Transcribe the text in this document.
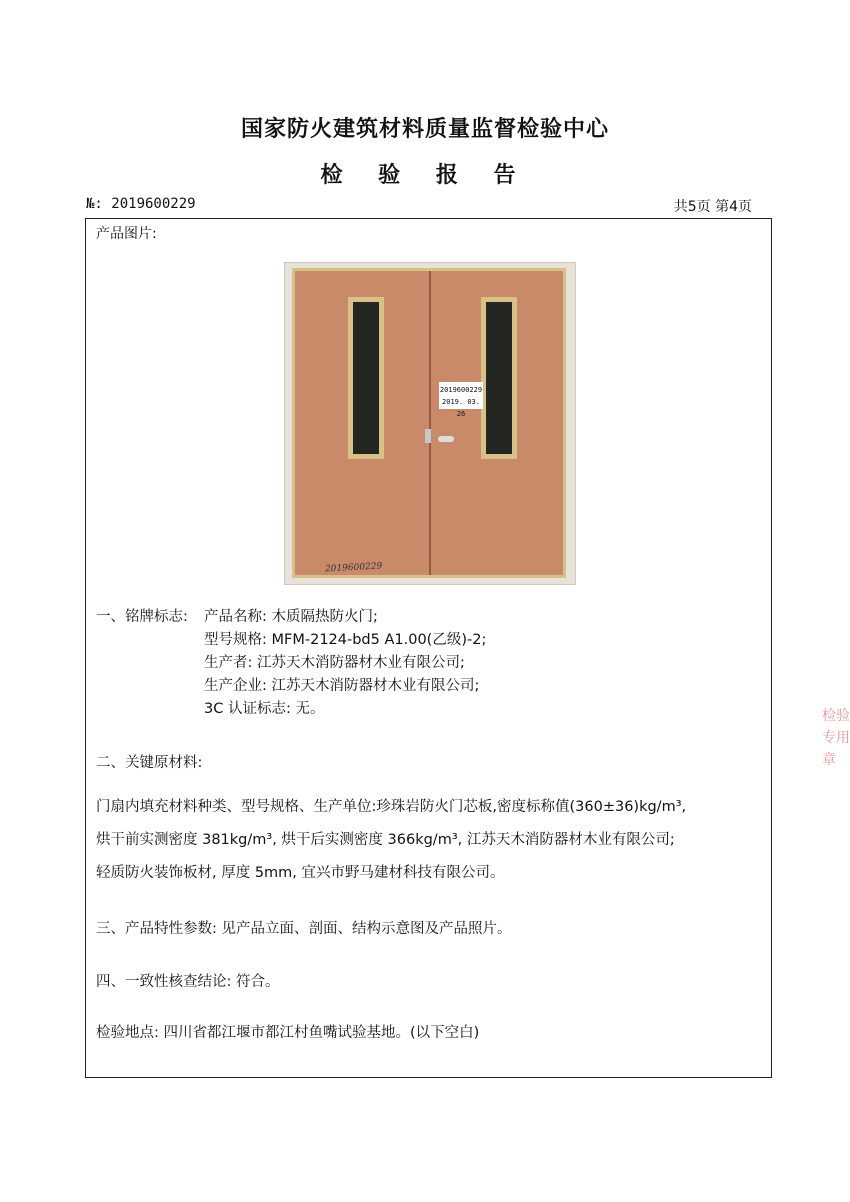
国家防火建筑材料质量监督检验中心
检 验 报 告
№: 2019600229	共5页 第4页
产品图片:
2019600229
2019. 03. 26
2019600229
一、铭牌标志: 产品名称: 木质隔热防火门;
型号规格: MFM-2124-bd5 A1.00(乙级)-2;
生产者: 江苏天木消防器材木业有限公司;
生产企业: 江苏天木消防器材木业有限公司;
3C 认证标志: 无。
二、关键原材料:
门扇内填充材料种类、型号规格、生产单位:珍珠岩防火门芯板,密度标称值(360±36)kg/m³,
烘干前实测密度 381kg/m³, 烘干后实测密度 366kg/m³, 江苏天木消防器材木业有限公司;
轻质防火装饰板材, 厚度 5mm, 宜兴市野马建材科技有限公司。
三、产品特性参数: 见产品立面、剖面、结构示意图及产品照片。
四、一致性核查结论: 符合。
检验地点: 四川省都江堰市都江村鱼嘴试验基地。(以下空白)
检验专用章
